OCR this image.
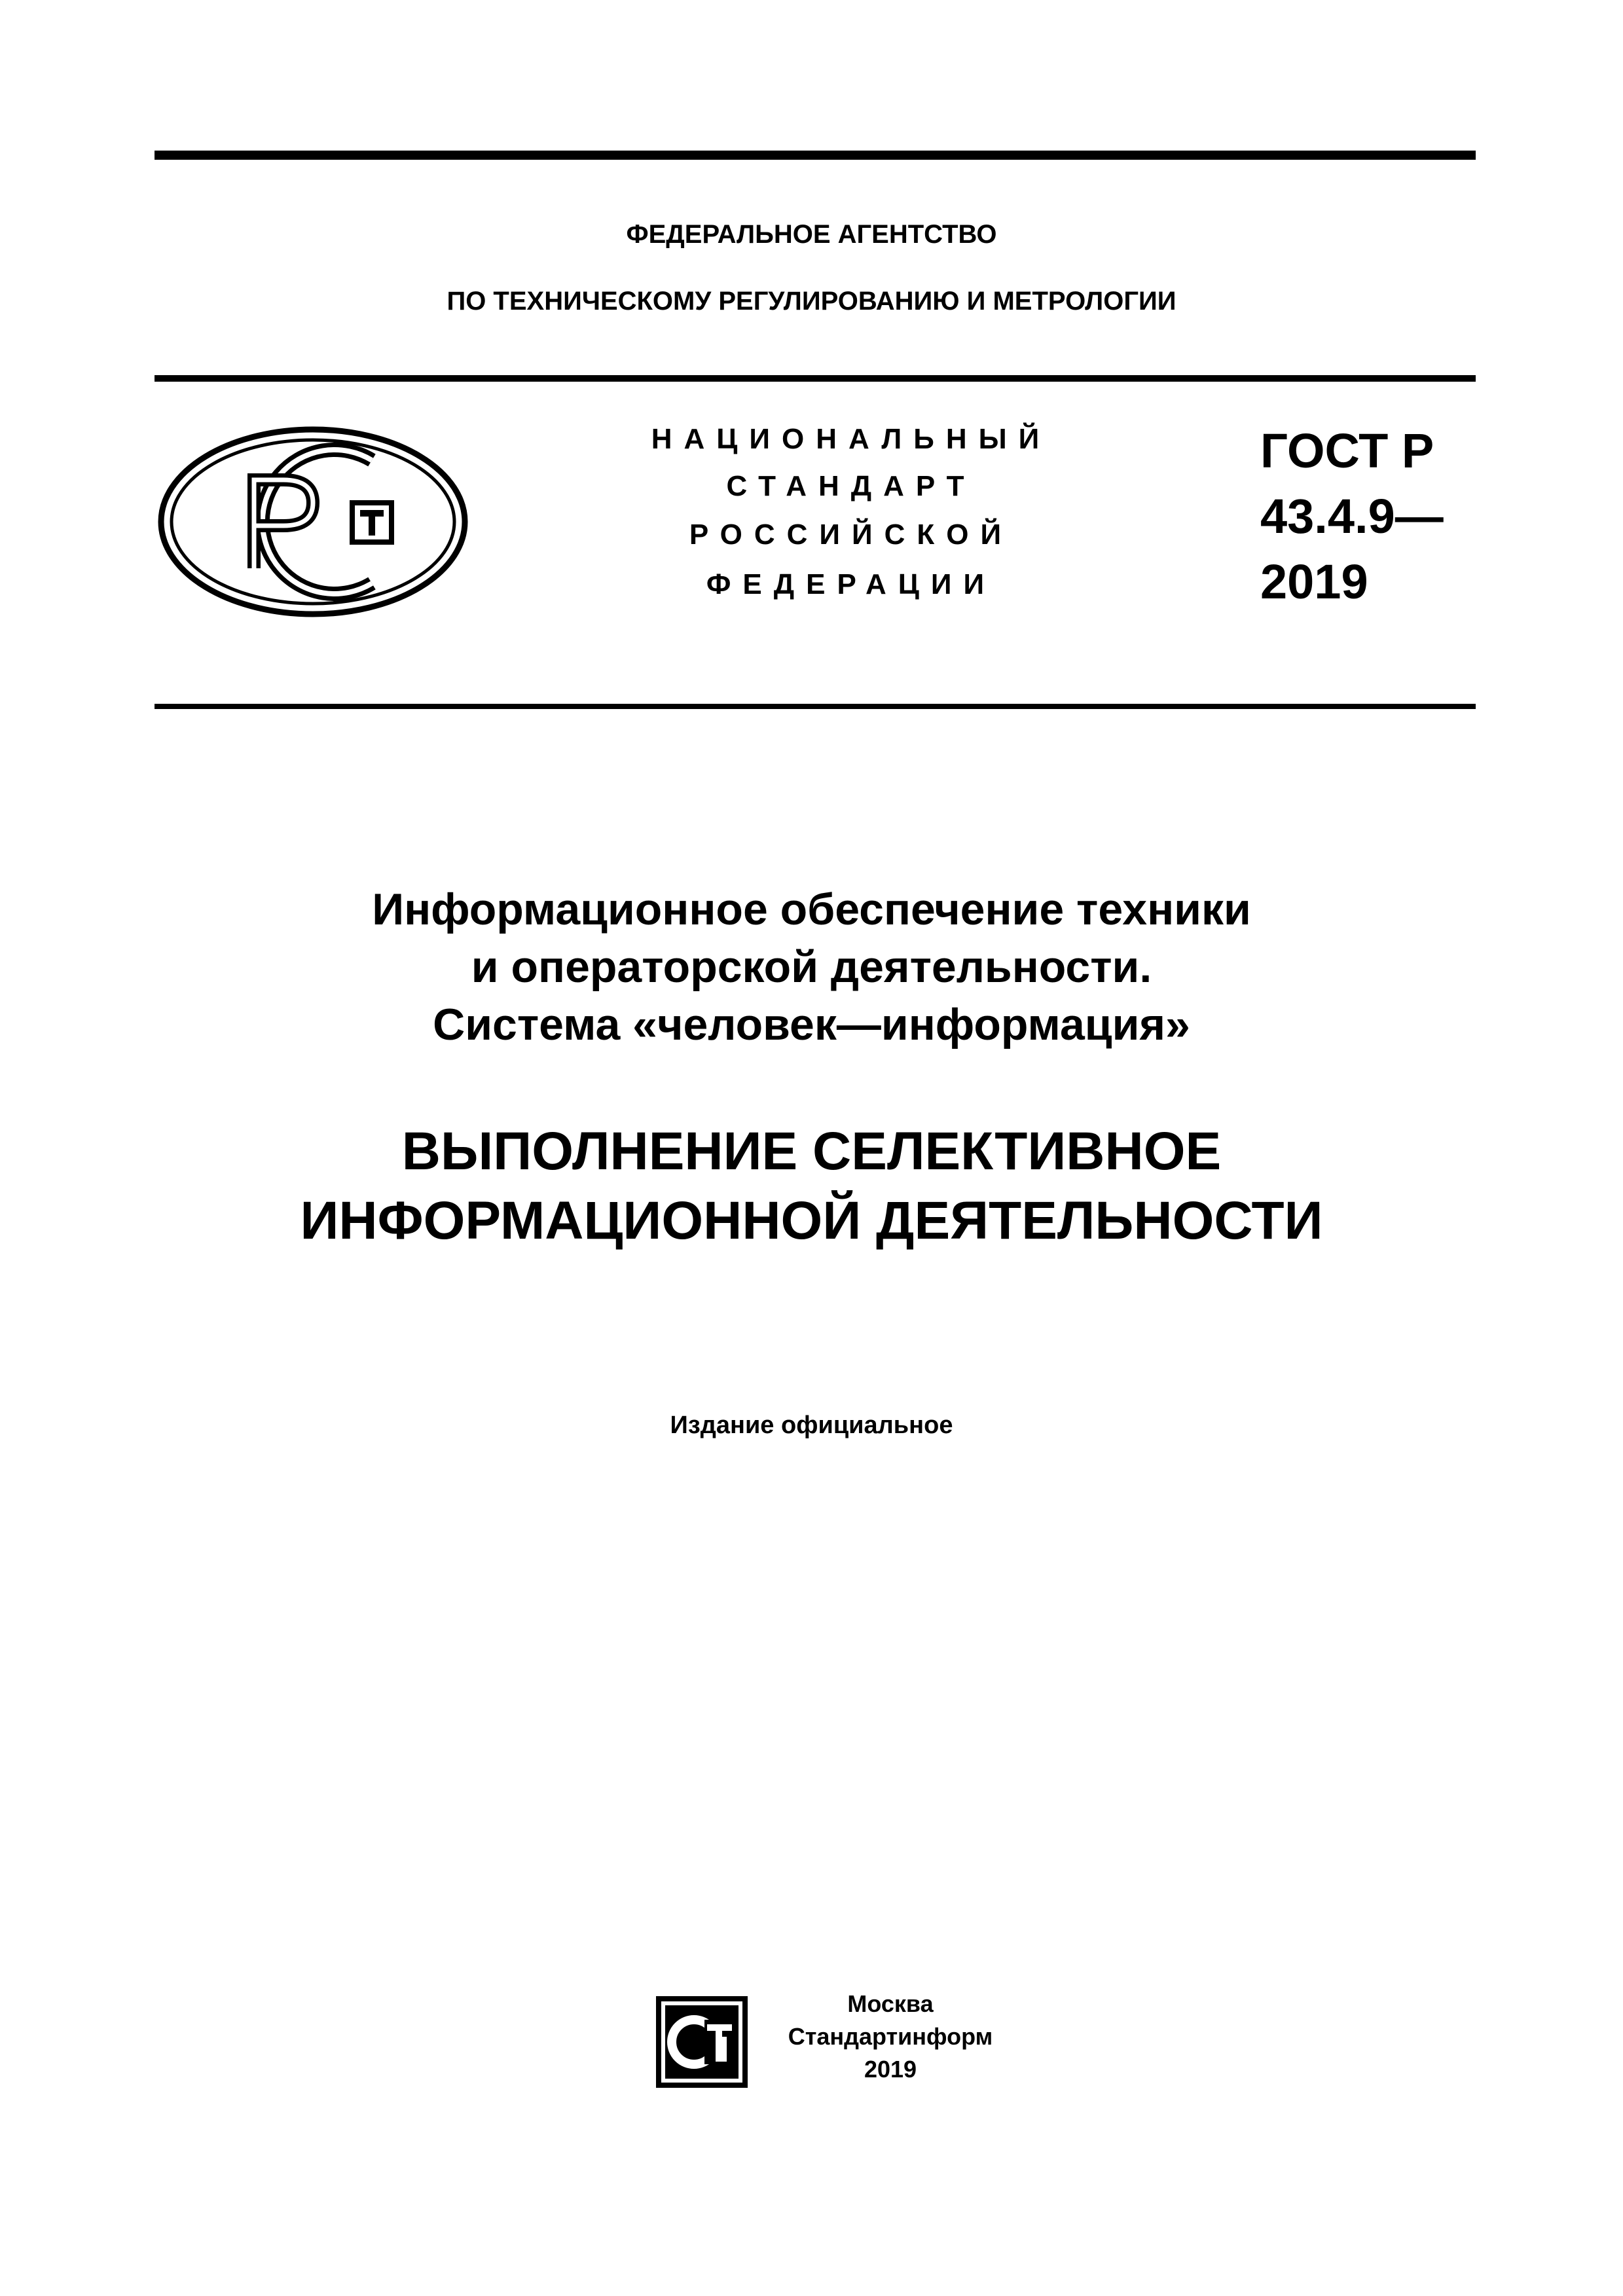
ФЕДЕРАЛЬНОЕ АГЕНТСТВО
ПО ТЕХНИЧЕСКОМУ РЕГУЛИРОВАНИЮ И МЕТРОЛОГИИ
НАЦИОНАЛЬНЫЙ
СТАНДАРТ
РОССИЙСКОЙ
ФЕДЕРАЦИИ
ГОСТ Р
43.4.9—
2019
Информационное обеспечение техники
и операторской деятельности.
Система «человек—информация»
ВЫПОЛНЕНИЕ СЕЛЕКТИВНОЕ
ИНФОРМАЦИОННОЙ ДЕЯТЕЛЬНОСТИ
Издание официальное
Москва
Стандартинформ
2019
